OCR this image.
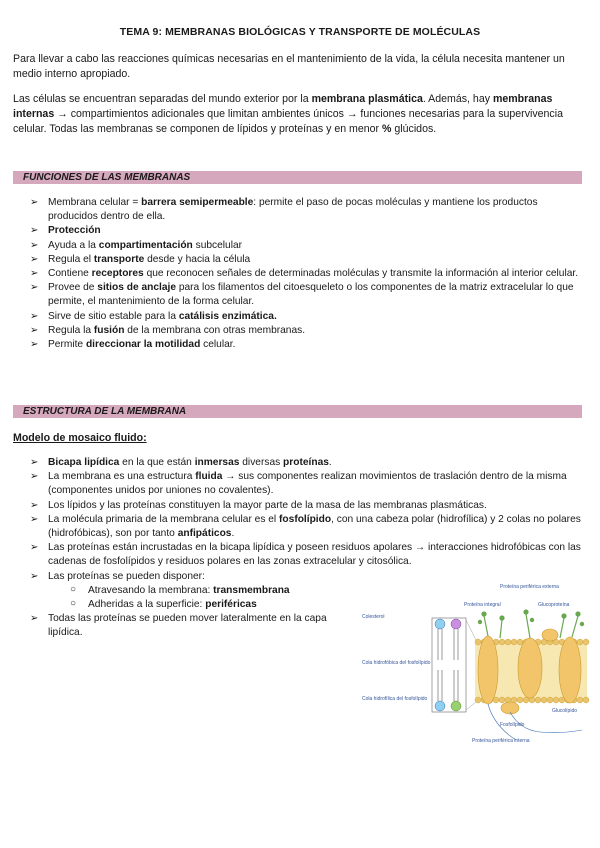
TEMA 9: MEMBRANAS BIOLÓGICAS Y TRANSPORTE DE MOLÉCULAS

Para llevar a cabo las reacciones químicas necesarias en el mantenimiento de la vida, la célula necesita mantener un medio interno apropiado.

Las células se encuentran separadas del mundo exterior por la membrana plasmática. Además, hay membranas internas → compartimientos adicionales que limitan ambientes únicos → funciones necesarias para la supervivencia celular. Todas las membranas se componen de lípidos y proteínas y en menor % glúcidos.

FUNCIONES DE LAS MEMBRANAS
➢ Membrana celular = barrera semipermeable: permite el paso de pocas moléculas y mantiene los productos producidos dentro de ella.
➢ Protección
➢ Ayuda a la compartimentación subcelular
➢ Regula el transporte desde y hacia la célula
➢ Contiene receptores que reconocen señales de determinadas moléculas y transmite la información al interior celular.
➢ Provee de sitios de anclaje para los filamentos del citoesqueleto o los componentes de la matriz extracelular lo que permite, el mantenimiento de la forma celular.
➢ Sirve de sitio estable para la catálisis enzimática.
➢ Regula la fusión de la membrana con otras membranas.
➢ Permite direccionar la motilidad celular.
ESTRUCTURA DE LA MEMBRANA
Modelo de mosaico fluido:
➢ Bicapa lipídica en la que están inmersas diversas proteínas.
➢ La membrana es una estructura fluida → sus componentes realizan movimientos de traslación dentro de la misma (componentes unidos por uniones no covalentes).
➢ Los lípidos y las proteínas constituyen la mayor parte de la masa de las membranas plasmáticas.
➢ La molécula primaria de la membrana celular es el fosfolípido, con una cabeza polar (hidrofílica) y 2 colas no polares (hidrofóbicas), son por tanto anfipáticos.
➢ Las proteínas están incrustadas en la bicapa lipídica y poseen residuos apolares → interacciones hidrofóbicas con las cadenas de fosfolípidos y residuos polares en las zonas extracelular y citosólica.
➢ Las proteínas se pueden disponer:
○ Atravesando la membrana: transmembrana
○ Adheridas a la superficie: periféricas
➢ Todas las proteínas se pueden mover lateralmente en la capa lipídica.
Proteína periférica externa
Proteína integral	Glucoproteína
Colesterol
Cola hidrofóbica del fosfolípido
Cola hidrofílica del fosfolípido
Fosfolípido
Glucolípido
Proteína periférica interna
